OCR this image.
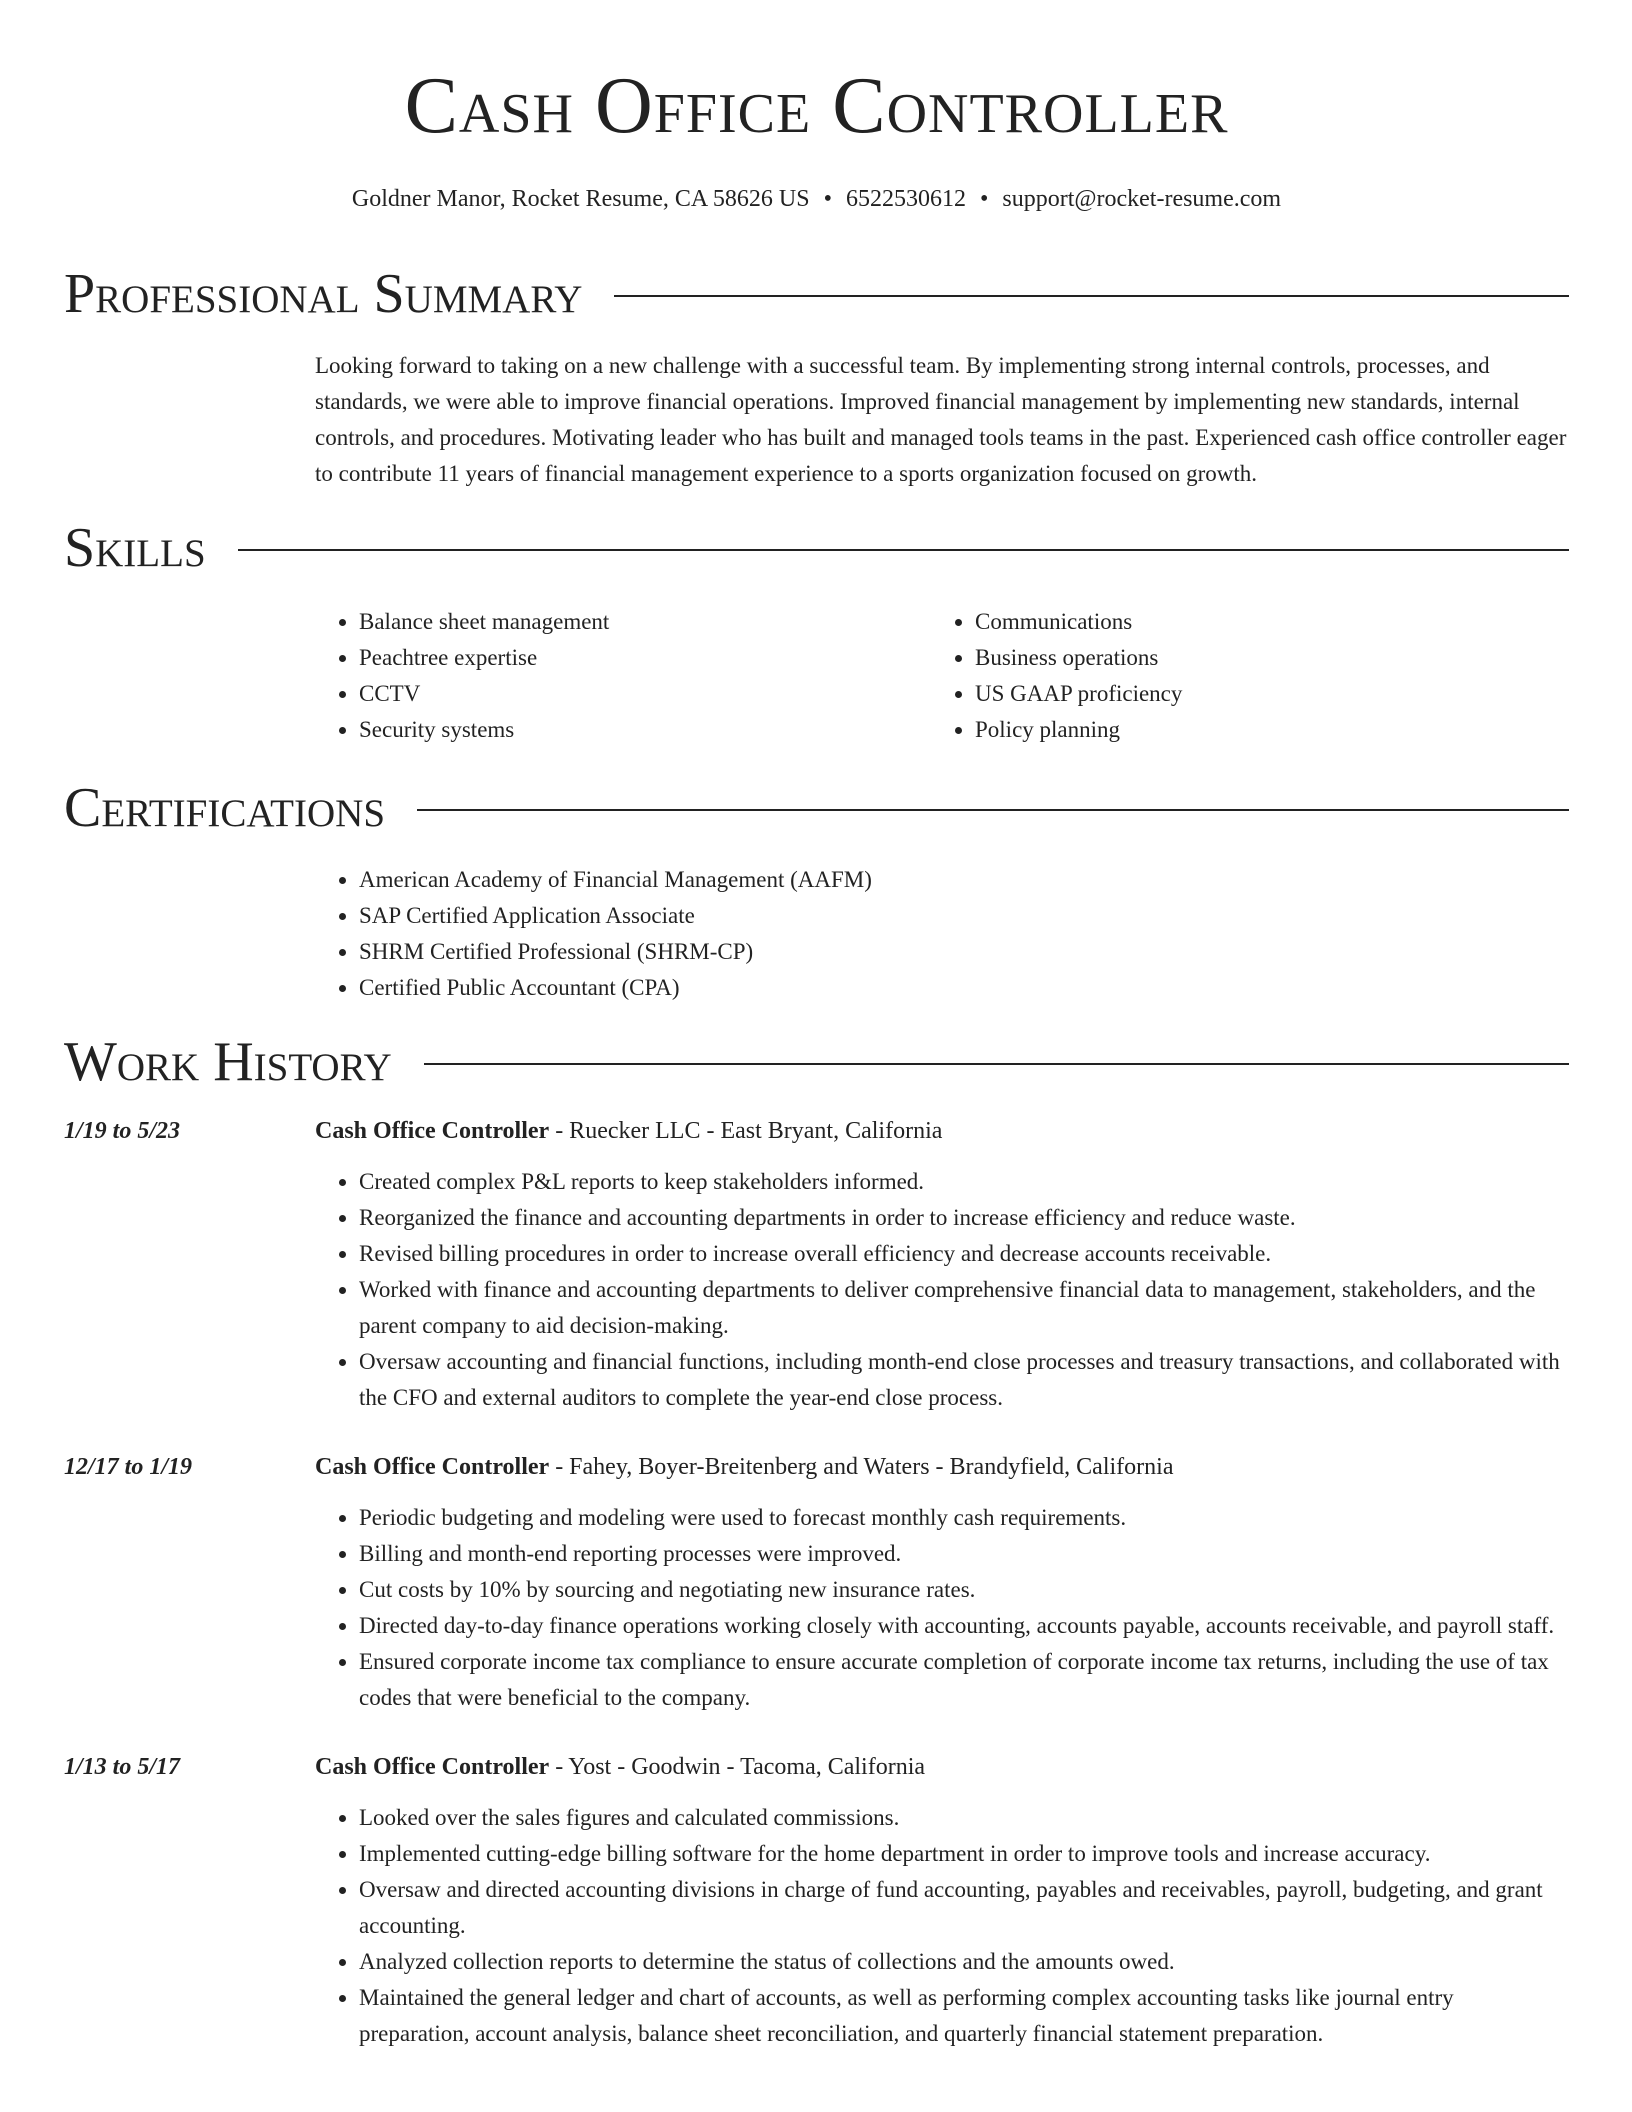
Cash Office Controller
Goldner Manor, Rocket Resume, CA 58626 US • 6522530612 • support@rocket-resume.com
Professional Summary

Looking forward to taking on a new challenge with a successful team. By implementing strong internal controls, processes, and standards, we were able to improve financial operations. Improved financial management by implementing new standards, internal controls, and procedures. Motivating leader who has built and managed tools teams in the past. Experienced cash office controller eager to contribute 11 years of financial management experience to a sports organization focused on growth.

Skills
• Balance sheet management
• Peachtree expertise
• CCTV
• Security systems
• Communications
• Business operations
• US GAAP proficiency
• Policy planning
Certifications
• American Academy of Financial Management (AAFM)
• SAP Certified Application Associate
• SHRM Certified Professional (SHRM-CP)
• Certified Public Accountant (CPA)
Work History
1/19 to 5/23	Cash Office Controller - Ruecker LLC - East Bryant, California
• Created complex P&L reports to keep stakeholders informed.
• Reorganized the finance and accounting departments in order to increase efficiency and reduce waste.
• Revised billing procedures in order to increase overall efficiency and decrease accounts receivable.
• Worked with finance and accounting departments to deliver comprehensive financial data to management, stakeholders, and the parent company to aid decision-making.
• Oversaw accounting and financial functions, including month-end close processes and treasury transactions, and collaborated with the CFO and external auditors to complete the year-end close process.
12/17 to 1/19	Cash Office Controller - Fahey, Boyer-Breitenberg and Waters - Brandyfield, California
• Periodic budgeting and modeling were used to forecast monthly cash requirements.
• Billing and month-end reporting processes were improved.
• Cut costs by 10% by sourcing and negotiating new insurance rates.
• Directed day-to-day finance operations working closely with accounting, accounts payable, accounts receivable, and payroll staff.
• Ensured corporate income tax compliance to ensure accurate completion of corporate income tax returns, including the use of tax codes that were beneficial to the company.
1/13 to 5/17	Cash Office Controller - Yost - Goodwin - Tacoma, California
• Looked over the sales figures and calculated commissions.
• Implemented cutting-edge billing software for the home department in order to improve tools and increase accuracy.
• Oversaw and directed accounting divisions in charge of fund accounting, payables and receivables, payroll, budgeting, and grant accounting.
• Analyzed collection reports to determine the status of collections and the amounts owed.
• Maintained the general ledger and chart of accounts, as well as performing complex accounting tasks like journal entry preparation, account analysis, balance sheet reconciliation, and quarterly financial statement preparation.
